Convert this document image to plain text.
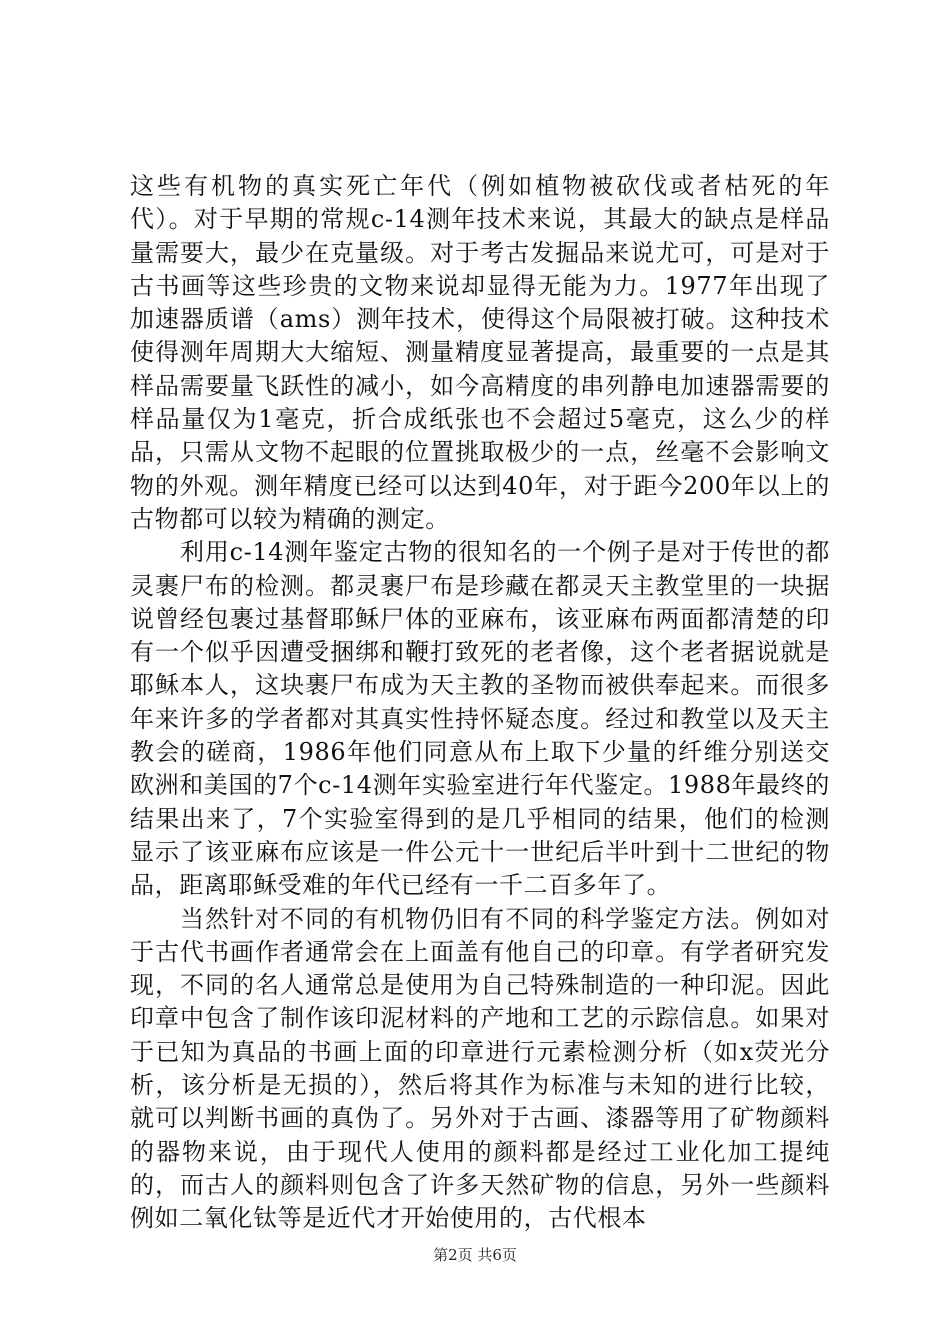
这些有机物的真实死亡年代（例如植物被砍伐或者枯死的年代）。对于早期的常规c-14测年技术来说，其最大的缺点是样品量需要大，最少在克量级。对于考古发掘品来说尤可，可是对于古书画等这些珍贵的文物来说却显得无能为力。1977年出现了加速器质谱（ams）测年技术，使得这个局限被打破。这种技术使得测年周期大大缩短、测量精度显著提高，最重要的一点是其样品需要量飞跃性的减小，如今高精度的串列静电加速器需要的样品量仅为1毫克，折合成纸张也不会超过5毫克，这么少的样品，只需从文物不起眼的位置挑取极少的一点，丝毫不会影响文物的外观。测年精度已经可以达到40年，对于距今200年以上的古物都可以较为精确的测定。

利用c-14测年鉴定古物的很知名的一个例子是对于传世的都灵裹尸布的检测。都灵裹尸布是珍藏在都灵天主教堂里的一块据说曾经包裹过基督耶稣尸体的亚麻布，该亚麻布两面都清楚的印有一个似乎因遭受捆绑和鞭打致死的老者像，这个老者据说就是耶稣本人，这块裹尸布成为天主教的圣物而被供奉起来。而很多年来许多的学者都对其真实性持怀疑态度。经过和教堂以及天主教会的磋商，1986年他们同意从布上取下少量的纤维分别送交欧洲和美国的7个c-14测年实验室进行年代鉴定。1988年最终的结果出来了，7个实验室得到的是几乎相同的结果，他们的检测显示了该亚麻布应该是一件公元十一世纪后半叶到十二世纪的物品，距离耶稣受难的年代已经有一千二百多年了。

当然针对不同的有机物仍旧有不同的科学鉴定方法。例如对于古代书画作者通常会在上面盖有他自己的印章。有学者研究发现，不同的名人通常总是使用为自己特殊制造的一种印泥。因此印章中包含了制作该印泥材料的产地和工艺的示踪信息。如果对于已知为真品的书画上面的印章进行元素检测分析（如x荧光分析，该分析是无损的），然后将其作为标准与未知的进行比较，就可以判断书画的真伪了。另外对于古画、漆器等用了矿物颜料的器物来说，由于现代人使用的颜料都是经过工业化加工提纯的，而古人的颜料则包含了许多天然矿物的信息，另外一些颜料例如二氧化钛等是近代才开始使用的，古代根本

第2页 共6页
